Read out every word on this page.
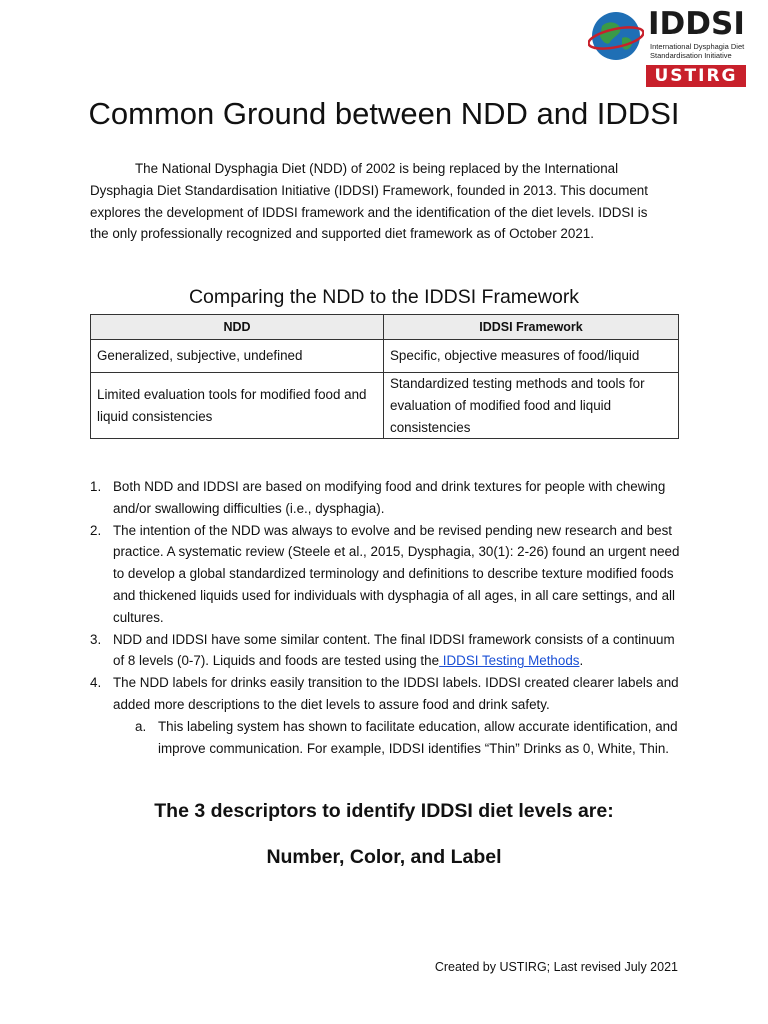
IDDSI
International Dysphagia Diet
Standardisation Initiative
USTIRG
Common Ground between NDD and IDDSI
The National Dysphagia Diet (NDD) of 2002 is being replaced by the International Dysphagia Diet Standardisation Initiative (IDDSI) Framework, founded in 2013. This document explores the development of IDDSI framework and the identification of the diet levels. IDDSI is the only professionally recognized and supported diet framework as of October 2021.
Comparing the NDD to the IDDSI Framework
NDD	IDDSI Framework
Generalized, subjective, undefined	Specific, objective measures of food/liquid
Limited evaluation tools for modified food and liquid consistencies	Standardized testing methods and tools for evaluation of modified food and liquid consistencies
1. Both NDD and IDDSI are based on modifying food and drink textures for people with chewing and/or swallowing difficulties (i.e., dysphagia).
2. The intention of the NDD was always to evolve and be revised pending new research and best practice. A systematic review (Steele et al., 2015, Dysphagia, 30(1): 2-26) found an urgent need to develop a global standardized terminology and definitions to describe texture modified foods and thickened liquids used for individuals with dysphagia of all ages, in all care settings, and all cultures.
3. NDD and IDDSI have some similar content. The final IDDSI framework consists of a continuum of 8 levels (0-7). Liquids and foods are tested using the IDDSI Testing Methods.
4. The NDD labels for drinks easily transition to the IDDSI labels. IDDSI created clearer labels and added more descriptions to the diet levels to assure food and drink safety.
a. This labeling system has shown to facilitate education, allow accurate identification, and improve communication. For example, IDDSI identifies “Thin” Drinks as 0, White, Thin.
The 3 descriptors to identify IDDSI diet levels are:
Number, Color, and Label
Created by USTIRG; Last revised July 2021
